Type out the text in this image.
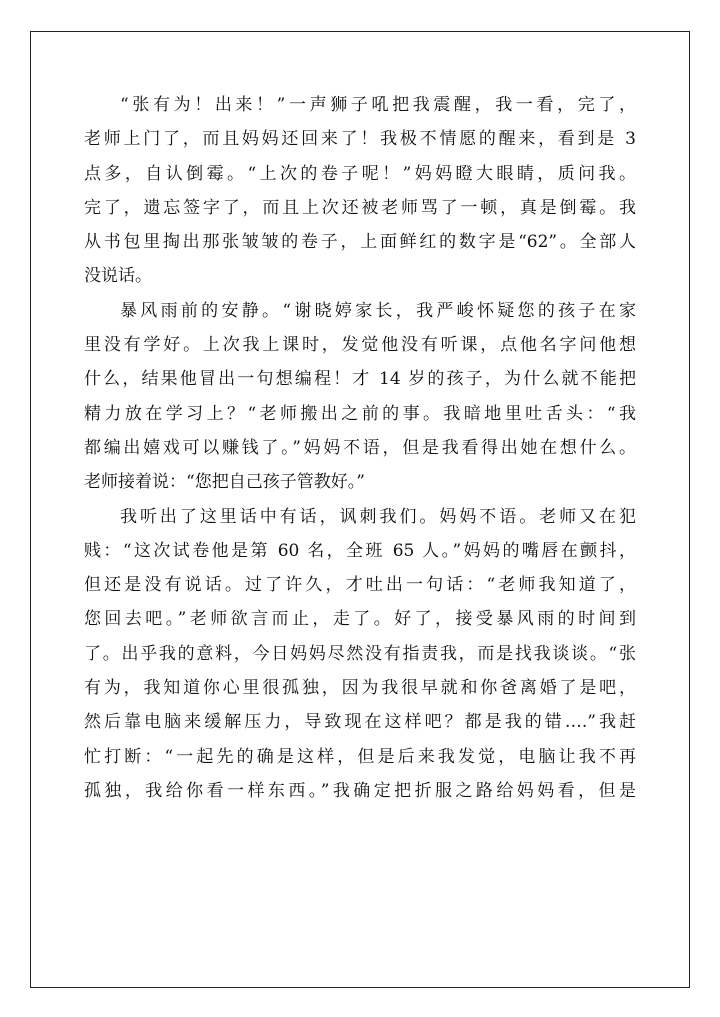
“张有为！出来！”一声狮子吼把我震醒，我一看，完了，
老师上门了，而且妈妈还回来了！我极不情愿的醒来，看到是 3
点多，自认倒霉。“上次的卷子呢！”妈妈瞪大眼睛，质问我。
完了，遗忘签字了，而且上次还被老师骂了一顿，真是倒霉。我
从书包里掏出那张皱皱的卷子，上面鲜红的数字是“62”。全部人
没说话。
暴风雨前的安静。“谢晓婷家长，我严峻怀疑您的孩子在家
里没有学好。上次我上课时，发觉他没有听课，点他名字问他想
什么，结果他冒出一句想编程！才 14 岁的孩子，为什么就不能把
精力放在学习上？“老师搬出之前的事。我暗地里吐舌头：“我
都编出嬉戏可以赚钱了。”妈妈不语，但是我看得出她在想什么。
老师接着说：“您把自己孩子管教好。”
我听出了这里话中有话，讽刺我们。妈妈不语。老师又在犯
贱：“这次试卷他是第 60 名，全班 65 人。”妈妈的嘴唇在颤抖，
但还是没有说话。过了许久，才吐出一句话：“老师我知道了，
您回去吧。”老师欲言而止，走了。好了，接受暴风雨的时间到
了。出乎我的意料，今日妈妈尽然没有指责我，而是找我谈谈。“张
有为，我知道你心里很孤独，因为我很早就和你爸离婚了是吧，
然后靠电脑来缓解压力，导致现在这样吧？都是我的错….”我赶
忙打断：“一起先的确是这样，但是后来我发觉，电脑让我不再
孤独，我给你看一样东西。”我确定把折服之路给妈妈看，但是
